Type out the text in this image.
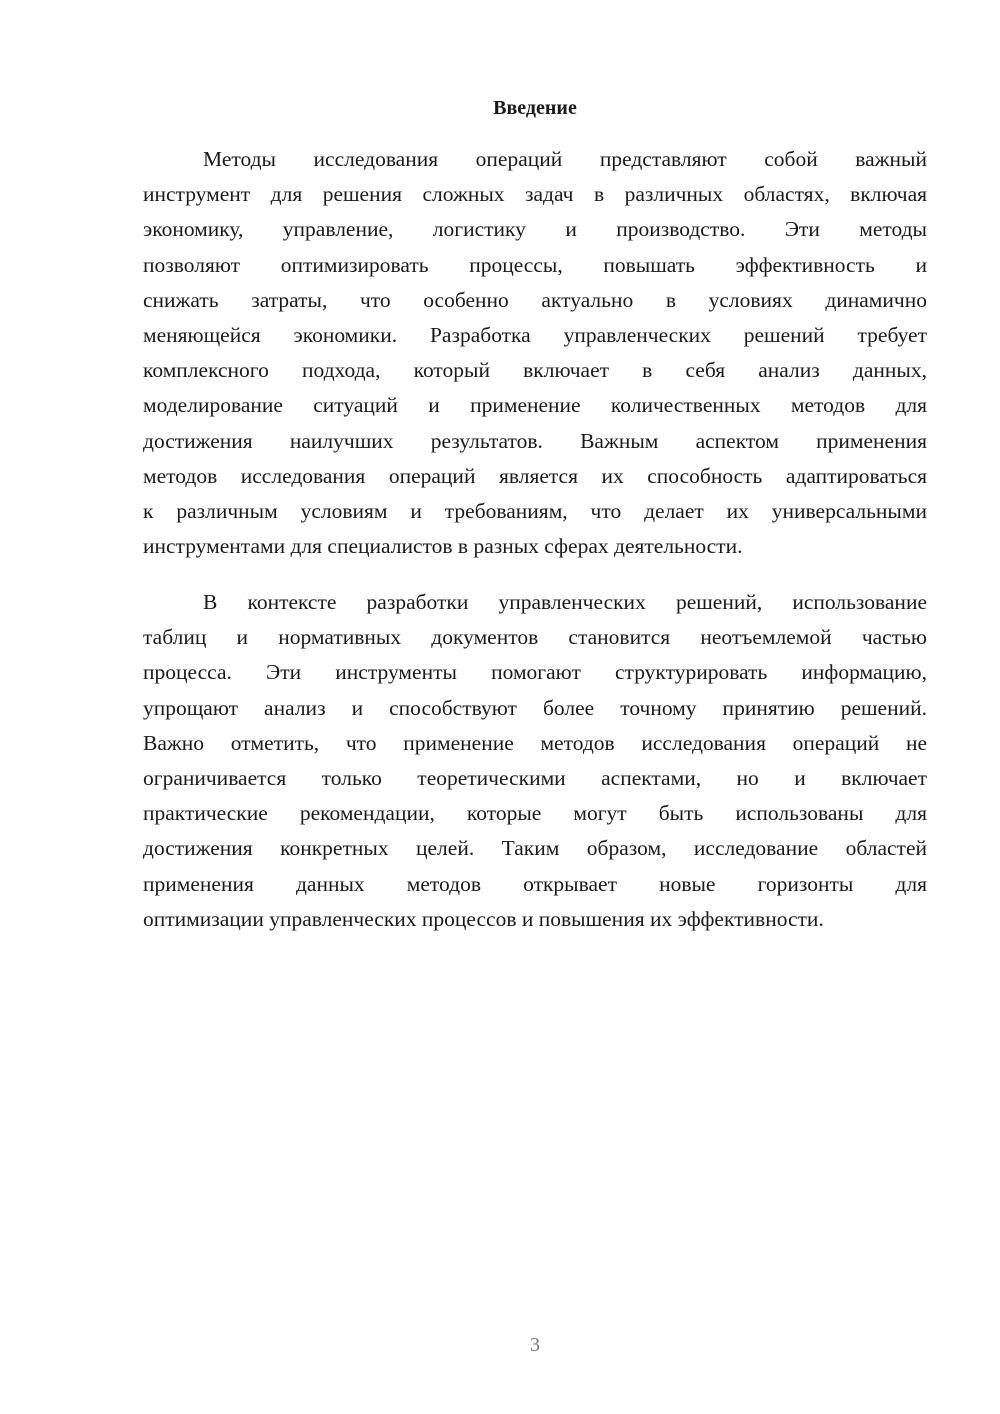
Введение
Методы исследования операций представляют собой важный
инструмент для решения сложных задач в различных областях, включая
экономику, управление, логистику и производство. Эти методы
позволяют оптимизировать процессы, повышать эффективность и
снижать затраты, что особенно актуально в условиях динамично
меняющейся экономики. Разработка управленческих решений требует
комплексного подхода, который включает в себя анализ данных,
моделирование ситуаций и применение количественных методов для
достижения наилучших результатов. Важным аспектом применения
методов исследования операций является их способность адаптироваться
к различным условиям и требованиям, что делает их универсальными
инструментами для специалистов в разных сферах деятельности.
В контексте разработки управленческих решений, использование
таблиц и нормативных документов становится неотъемлемой частью
процесса. Эти инструменты помогают структурировать информацию,
упрощают анализ и способствуют более точному принятию решений.
Важно отметить, что применение методов исследования операций не
ограничивается только теоретическими аспектами, но и включает
практические рекомендации, которые могут быть использованы для
достижения конкретных целей. Таким образом, исследование областей
применения данных методов открывает новые горизонты для
оптимизации управленческих процессов и повышения их эффективности.
3
